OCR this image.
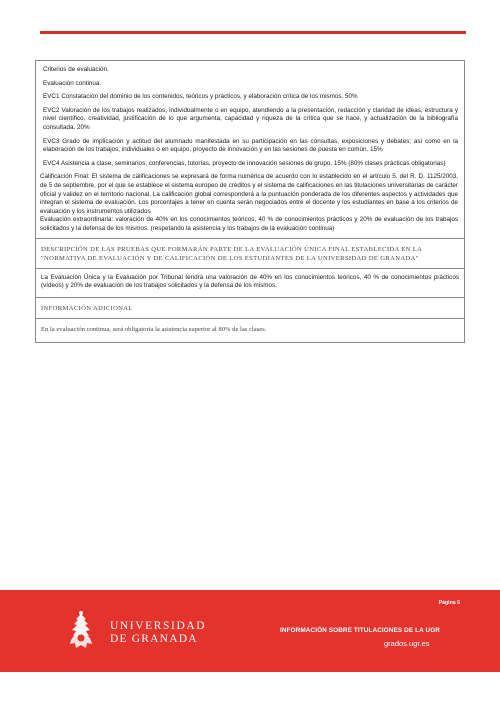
Criterios de evaluación.

Evaluación continua.

EVC1 Constatación del dominio de los contenidos, teóricos y prácticos, y elaboración crítica de los mismos. 50%

EVC2 Valoración de los trabajos realizados, individualmente o en equipo, atendiendo a la presentación, redacción y claridad de ideas, estructura y nivel científico, creatividad, justificación de lo que argumenta, capacidad y riqueza de la crítica que se hace, y actualización de la bibliografía consultada. 20%

EVC3 Grado de implicación y actitud del alumnado manifestada en su participación en las consultas, exposiciones y debates; así como en la elaboración de los trabajos, individuales o en equipo, proyecto de innovación y en las sesiones de puesta en común. 15%

EVC4 Asistencia a clase, seminarios, conferencias, tutorías, proyecto de innovación sesiones de grupo. 15% (80% clases prácticas obligatorias)

Calificación Final: El sistema de calificaciones se expresará de forma numérica de acuerdo con lo establecido en el artículo 5. del R. D. 1125/2003, de 5 de septiembre, por el que se establece el sistema europeo de créditos y el sistema de calificaciones en las titulaciones universitarias de carácter oficial y validez en el territorio nacional. La calificación global corresponderá a la puntuación ponderada de los diferentes aspectos y actividades que integran el sistema de evaluación. Los porcentajes a tener en cuenta serán negociados entre el docente y los estudiantes en base a los criterios de evaluación y los instrumentos utilizados

Evaluación extraordinaria: valoración de 40% en los conocimientos teóricos, 40 % de conocimientos prácticos y 20% de evaluación de los trabajos solicitados y la defensa de los mismos. (respetando la asistencia y los trabajos de la evaluación continua)

DESCRIPCIÓN DE LAS PRUEBAS QUE FORMARÁN PARTE DE LA EVALUACIÓN ÚNICA FINAL ESTABLECIDA EN LA "NORMATIVA DE EVALUACIÓN Y DE CALIFICACIÓN DE LOS ESTUDIANTES DE LA UNIVERSIDAD DE GRANADA"

La Evaluación Única y la Evaluación por Tribunal tendrá una valoración de 40% en los conocimientos teóricos, 40 % de conocimientos prácticos (vídeos) y 20% de evaluación de los trabajos solicitados y la defensa de los mismos.

INFORMACIÓN ADICIONAL
En la evaluación continua, será obligatoria la asistencia superior al 80% de las clases.
UNIVERSIDAD
DE GRANADA
Página 5
INFORMACIÓN SOBRE TITULACIONES DE LA UGR
grados.ugr.es
